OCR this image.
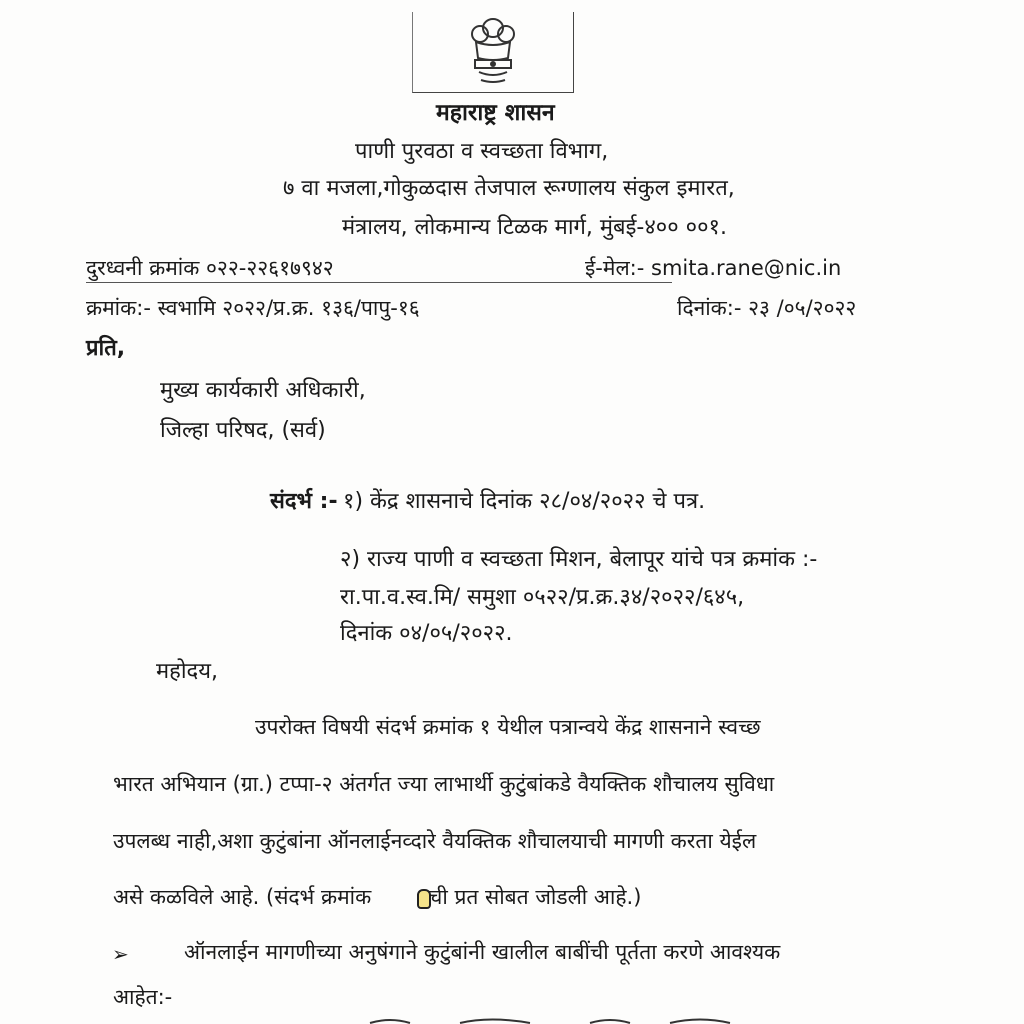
महाराष्ट्र शासन
पाणी पुरवठा व स्वच्छता विभाग,
७ वा मजला,गोकुळदास तेजपाल रूग्णालय संकुल इमारत,
मंत्रालय, लोकमान्य टिळक मार्ग, मुंबई-४०० ००१.
दुरध्वनी क्रमांक ०२२-२२६१७९४२	ई-मेल:- smita.rane@nic.in
क्रमांक:- स्वभामि २०२२/प्र.क्र. १३६/पापु-१६	दिनांक:- २३ /०५/२०२२
प्रति,
मुख्य कार्यकारी अधिकारी,
जिल्हा परिषद, (सर्व)
संदर्भ :- १) केंद्र शासनाचे दिनांक २८/०४/२०२२ चे पत्र.
२) राज्य पाणी व स्वच्छता मिशन, बेलापूर यांचे पत्र क्रमांक :-
रा.पा.व.स्व.मि/ समुशा ०५२२/प्र.क्र.३४/२०२२/६४५,
दिनांक ०४/०५/२०२२.
महोदय,
उपरोक्त विषयी संदर्भ क्रमांक १ येथील पत्रान्वये केंद्र शासनाने स्वच्छ
भारत अभियान (ग्रा.) टप्पा-२ अंतर्गत ज्या लाभार्थी कुटुंबांकडे वैयक्तिक शौचालय सुविधा
उपलब्ध नाही,अशा कुटुंबांना ऑनलाईनव्दारे वैयक्तिक शौचालयाची मागणी करता येईल
असे कळविले आहे. (संदर्भ क्रमांक	ची प्रत सोबत जोडली आहे.)
➢	ऑनलाईन मागणीच्या अनुषंगाने कुटुंबांनी खालील बाबींची पूर्तता करणे आवश्यक
आहेत:-
